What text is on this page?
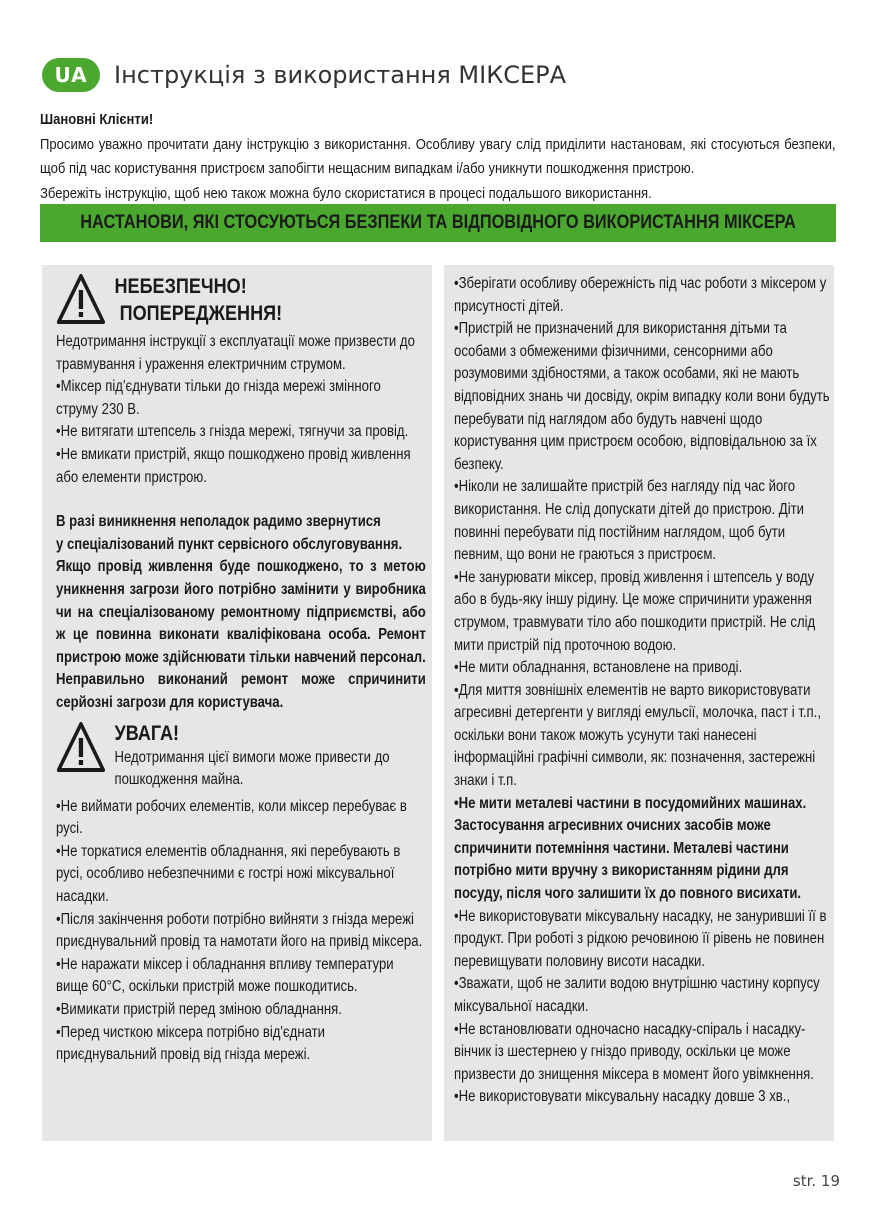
UA	Інструкція з використання МІКСЕРА

Шановні Клієнти!

Просимо уважно прочитати дану інструкцію з використання. Особливу увагу слід приділити настановам, які стосуються безпеки, щоб під час користування пристроєм запобігти нещасним випадкам і/або уникнути пошкодження пристрою.

Збережіть інструкцію, щоб нею також можна було скористатися в процесі подальшого використання.

НАСТАНОВИ, ЯКІ СТОСУЮТЬСЯ БЕЗПЕКИ ТА ВІДПОВІДНОГО ВИКОРИСТАННЯ МІКСЕРА
НЕБЕЗПЕЧНО!
ПОПЕРЕДЖЕННЯ!

Недотримання інструкції з експлуатації може призвести до травмування і ураження електричним струмом.

•Міксер під'єднувати тільки до гнізда мережі змінного струму 230 В.

•Не витягати штепсель з гнізда мережі, тягнучи за провід.

•Не вмикати пристрій, якщо пошкоджено провід живлення або елементи пристрою.

В разі виникнення неполадок радимо звернутися

у спеціалізований пункт сервісного обслуговування.

Якщо провід живлення буде пошкоджено, то з метою уникнення загрози його потрібно замінити у виробника чи на спеціалізованому ремонтному підприємстві, або ж це повинна виконати кваліфікована особа. Ремонт пристрою може здійснювати тільки навчений персонал. Неправильно виконаний ремонт може спричинити серйозні загрози для користувача.

УВАГА!
Недотримання цієї вимоги може привести до пошкодження майна.

•Не виймати робочих елементів, коли міксер перебуває в русі.

•Не торкатися елементів обладнання, які перебувають в русі, особливо небезпечними є гострі ножі міксувальної насадки.

•Після закінчення роботи потрібно вийняти з гнізда мережі приєднувальний провід та намотати його на привід міксера.

•Не наражати міксер і обладнання впливу температури вище 60°C, оскільки пристрій може пошкодитись.

•Вимикати пристрій перед зміною обладнання.

•Перед чисткою міксера потрібно від'єднати приєднувальний провід від гнізда мережі.

•Зберігати особливу обережність під час роботи з міксером у присутності дітей.

•Пристрій не призначений для використання дітьми та особами з обмеженими фізичними, сенсорними або розумовими здібностями, а також особами, які не мають відповідних знань чи досвіду, окрім випадку коли вони будуть перебувати під наглядом або будуть навчені щодо користування цим пристроєм особою, відповідальною за їх безпеку.

•Ніколи не залишайте пристрій без нагляду під час його використання. Не слід допускати дітей до пристрою. Діти повинні перебувати під постійним наглядом, щоб бути певним, що вони не граються з пристроєм.

•Не занурювати міксер, провід живлення і штепсель у воду або в будь-яку іншу рідину. Це може спричинити ураження струмом, травмувати тіло або пошкодити пристрій. Не слід мити пристрій під проточною водою.

•Не мити обладнання, встановлене на приводі.

•Для миття зовнішніх елементів не варто використовувати агресивні детергенти у вигляді емульсії, молочка, паст і т.п., оскільки вони також можуть усунути такі нанесені інформаційні графічні символи, як: позначення, застережні знаки і т.п.

•Не мити металеві частини в посудомийних машинах. Застосування агресивних очисних засобів може спричинити потемніння частини. Металеві частини потрібно мити вручну з використанням рідини для посуду, після чого залишити їх до повного висихати.

•Не використовувати міксувальну насадку, не занурившиі її в продукт. При роботі з рідкою речовиною її рівень не повинен перевищувати половину висоти насадки.

•Зважати, щоб не залити водою внутрішню частину корпусу міксувальної насадки.

•Не встановлювати одночасно насадку-спіраль і насадку-вінчик із шестернею у гніздо приводу, оскільки це може призвести до знищення міксера в момент його увімкнення.

•Не використовувати міксувальну насадку довше 3 хв.,

str. 19
